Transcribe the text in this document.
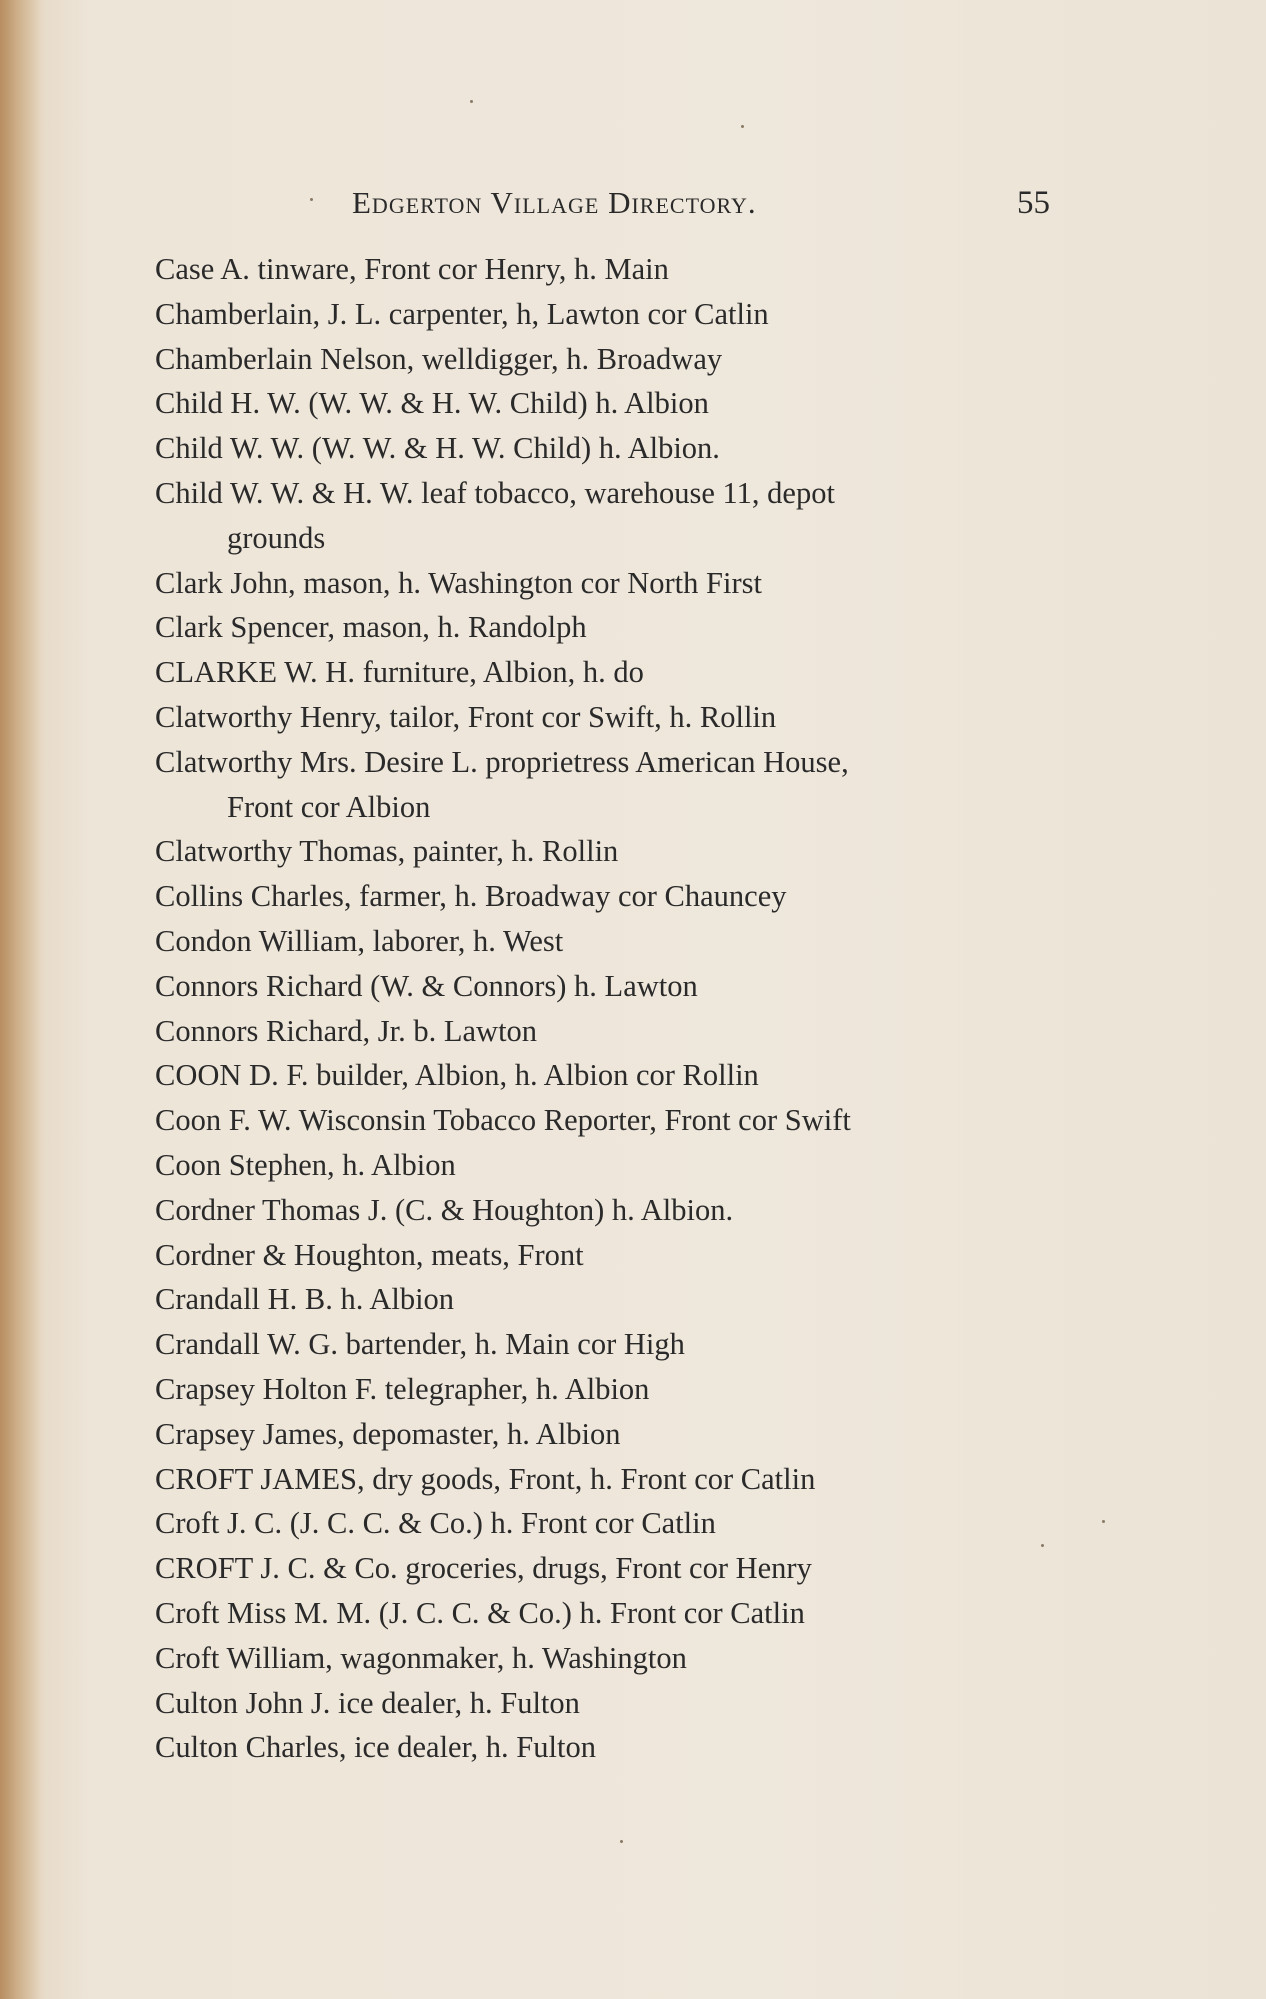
Edgerton Village Directory.	55
Case A. tinware, Front cor Henry, h. Main
Chamberlain, J. L. carpenter, h, Lawton cor Catlin
Chamberlain Nelson, welldigger, h. Broadway
Child H. W. (W. W. & H. W. Child) h. Albion
Child W. W. (W. W. & H. W. Child) h. Albion.
Child W. W. & H. W. leaf tobacco, warehouse 11, depot
grounds
Clark John, mason, h. Washington cor North First
Clark Spencer, mason, h. Randolph
CLARKE W. H. furniture, Albion, h. do
Clatworthy Henry, tailor, Front cor Swift, h. Rollin
Clatworthy Mrs. Desire L. proprietress American House,
Front cor Albion
Clatworthy Thomas, painter, h. Rollin
Collins Charles, farmer, h. Broadway cor Chauncey
Condon William, laborer, h. West
Connors Richard (W. & Connors) h. Lawton
Connors Richard, Jr. b. Lawton
COON D. F. builder, Albion, h. Albion cor Rollin
Coon F. W. Wisconsin Tobacco Reporter, Front cor Swift
Coon Stephen, h. Albion
Cordner Thomas J. (C. & Houghton) h. Albion.
Cordner & Houghton, meats, Front
Crandall H. B. h. Albion
Crandall W. G. bartender, h. Main cor High
Crapsey Holton F. telegrapher, h. Albion
Crapsey James, depomaster, h. Albion
CROFT JAMES, dry goods, Front, h. Front cor Catlin
Croft J. C. (J. C. C. & Co.) h. Front cor Catlin
CROFT J. C. & Co. groceries, drugs, Front cor Henry
Croft Miss M. M. (J. C. C. & Co.) h. Front cor Catlin
Croft William, wagonmaker, h. Washington
Culton John J. ice dealer, h. Fulton
Culton Charles, ice dealer, h. Fulton
